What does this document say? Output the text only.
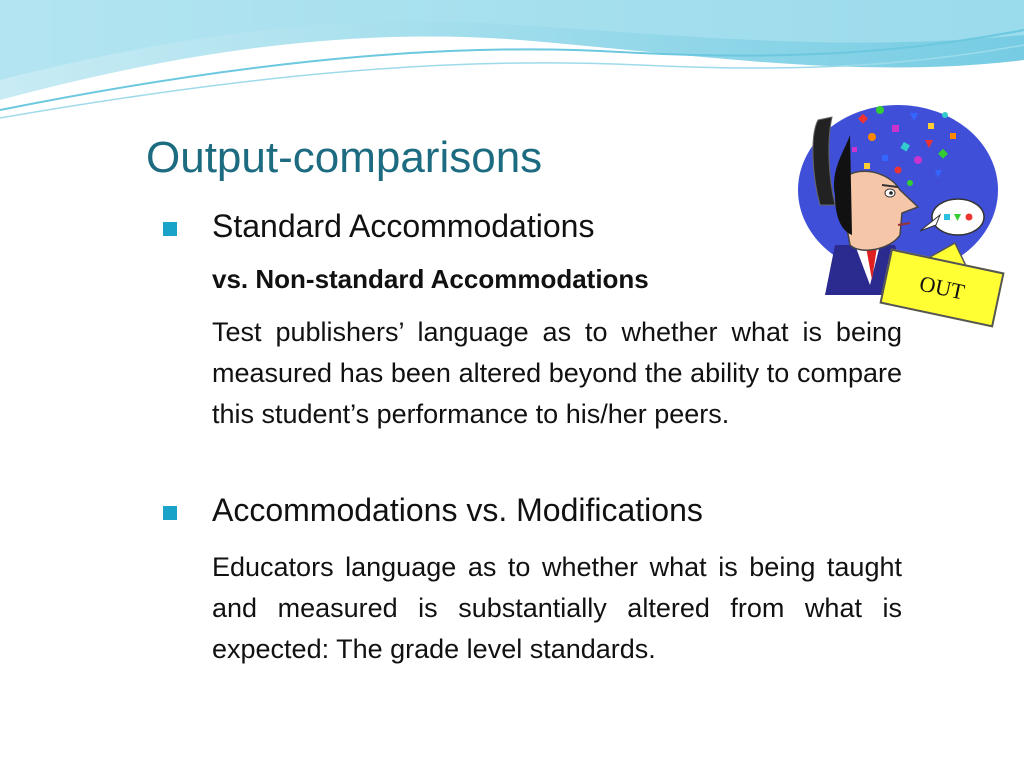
Output-comparisons
Standard Accommodations
vs. Non-standard Accommodations
Test publishers’ language as to whether what is being measured has been altered beyond the ability to compare this student’s performance to his/her peers.
Accommodations vs. Modifications
Educators language as to whether what is being taught and measured is substantially altered from what is expected: The grade level standards.
OUT
